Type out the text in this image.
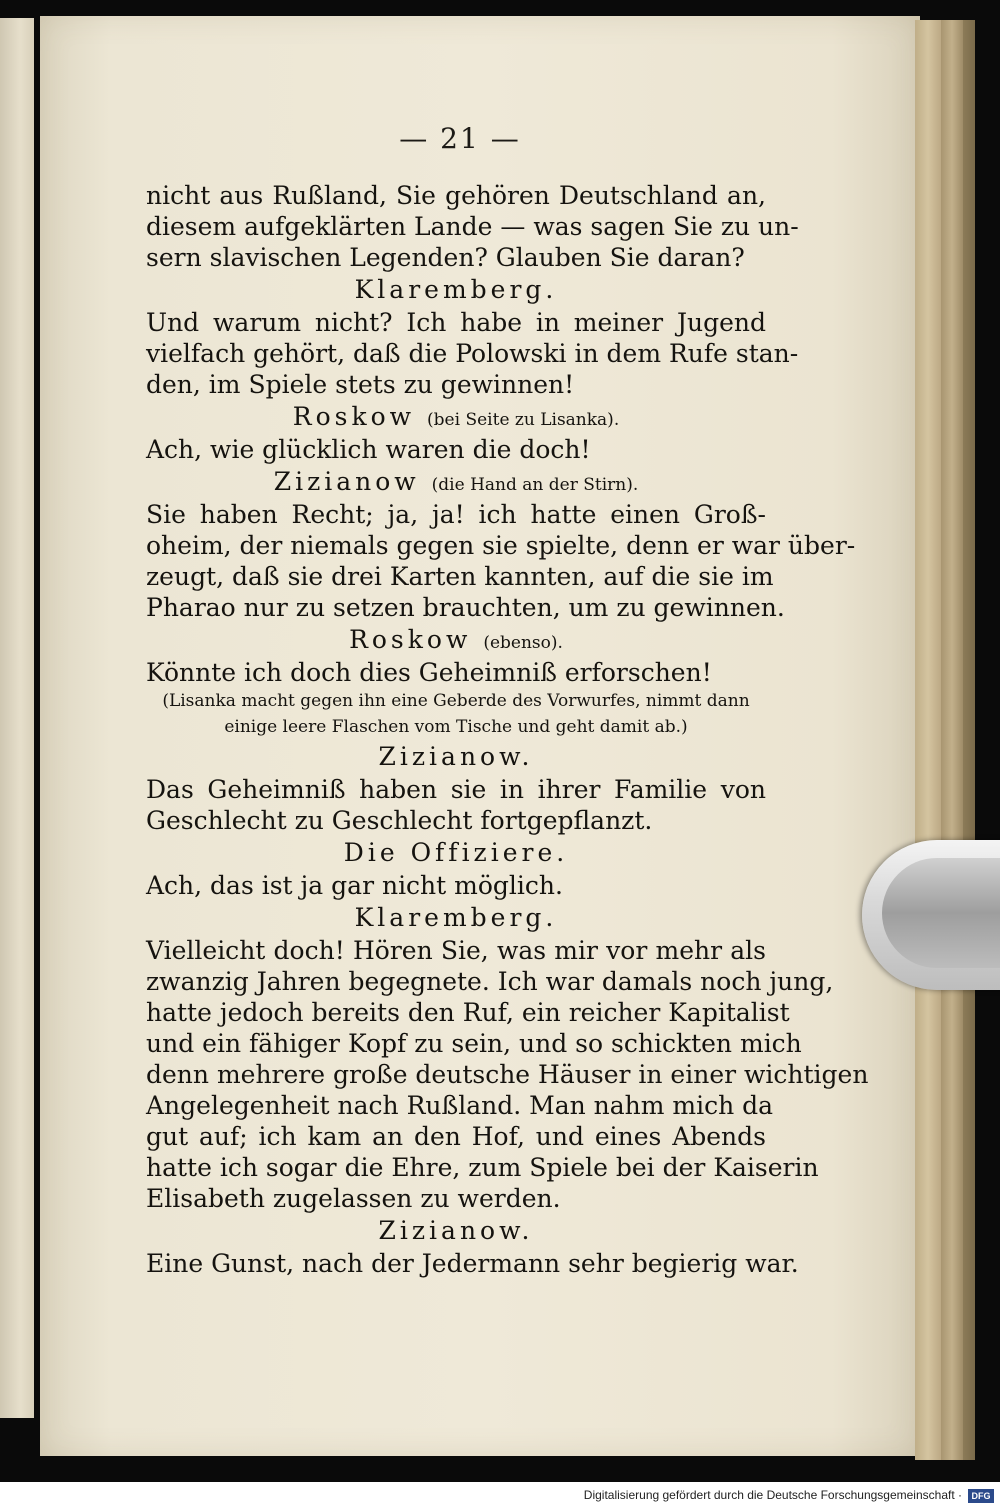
— 21 —
nicht aus Rußland, Sie gehören Deutschland an,
diesem aufgeklärten Lande — was sagen Sie zu un-
sern slavischen Legenden? Glauben Sie daran?
Klaremberg.
Und warum nicht? Ich habe in meiner Jugend
vielfach gehört, daß die Polowski in dem Rufe stan-
den, im Spiele stets zu gewinnen!
Roskow (bei Seite zu Lisanka).
Ach, wie glücklich waren die doch!
Zizianow (die Hand an der Stirn).
Sie haben Recht; ja, ja! ich hatte einen Groß-
oheim, der niemals gegen sie spielte, denn er war über-
zeugt, daß sie drei Karten kannten, auf die sie im
Pharao nur zu setzen brauchten, um zu gewinnen.
Roskow (ebenso).
Könnte ich doch dies Geheimniß erforschen!
(Lisanka macht gegen ihn eine Geberde des Vorwurfes, nimmt dann
einige leere Flaschen vom Tische und geht damit ab.)
Zizianow.
Das Geheimniß haben sie in ihrer Familie von
Geschlecht zu Geschlecht fortgepflanzt.
Die Offiziere.
Ach, das ist ja gar nicht möglich.
Klaremberg.
Vielleicht doch! Hören Sie, was mir vor mehr als
zwanzig Jahren begegnete. Ich war damals noch jung,
hatte jedoch bereits den Ruf, ein reicher Kapitalist
und ein fähiger Kopf zu sein, und so schickten mich
denn mehrere große deutsche Häuser in einer wichtigen
Angelegenheit nach Rußland. Man nahm mich da
gut auf; ich kam an den Hof, und eines Abends
hatte ich sogar die Ehre, zum Spiele bei der Kaiserin
Elisabeth zugelassen zu werden.
Zizianow.
Eine Gunst, nach der Jedermann sehr begierig war.
Digitalisierung gefördert durch die Deutsche Forschungsgemeinschaft ·	DFG
